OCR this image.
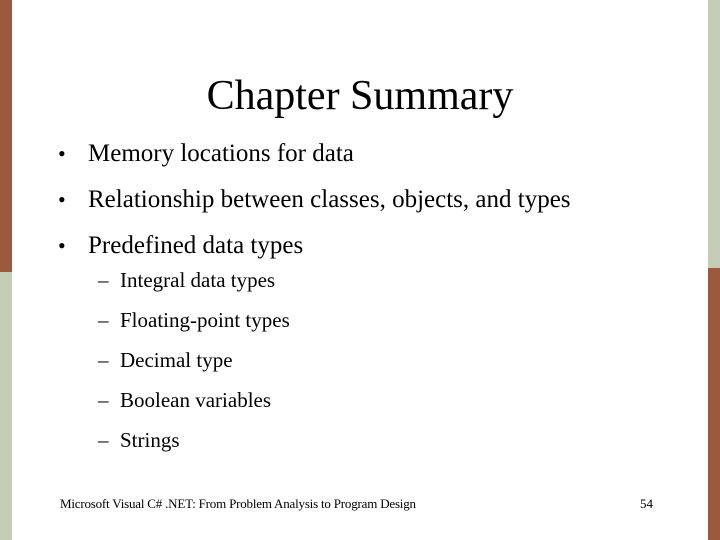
Chapter Summary
• Memory locations for data
• Relationship between classes, objects, and types
• Predefined data types
– Integral data types
– Floating-point types
– Decimal type
– Boolean variables
– Strings
Microsoft Visual C# .NET: From Problem Analysis to Program Design	54
